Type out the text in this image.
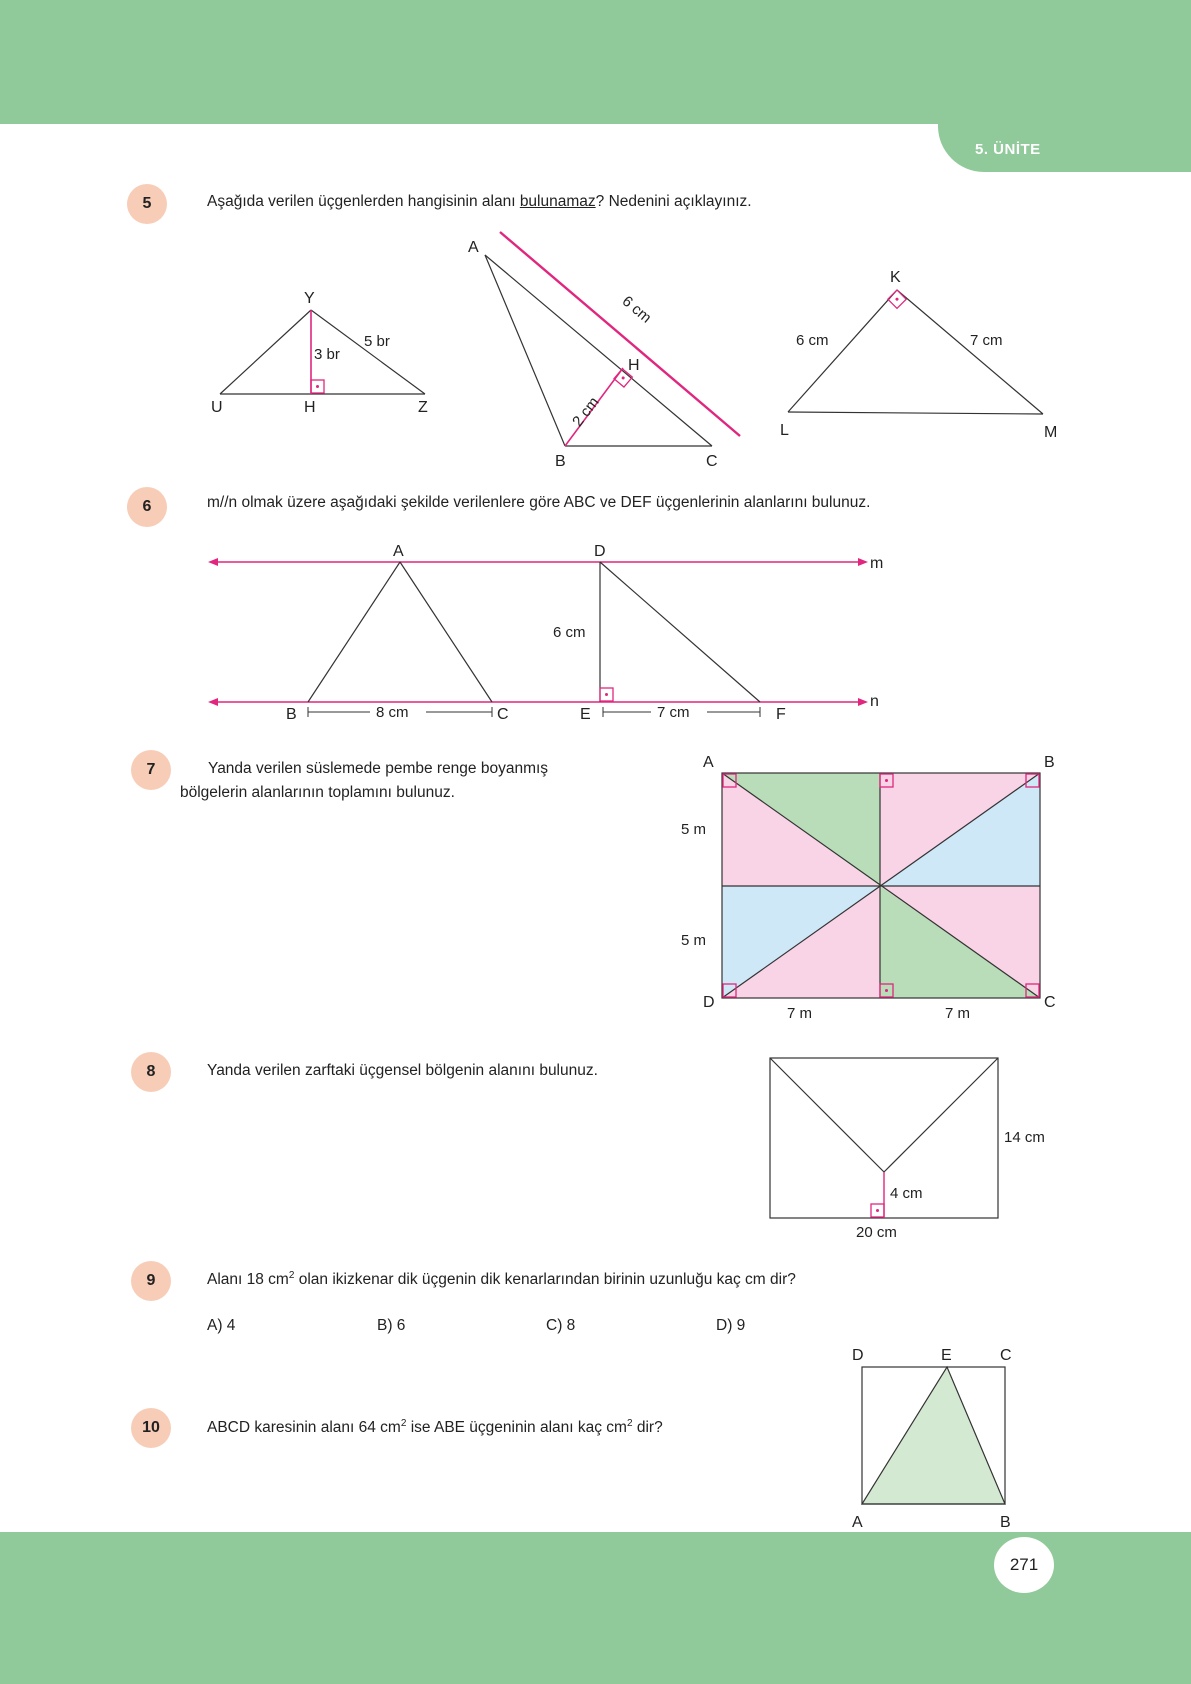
5. ÜNİTE
5	Aşağıda verilen üçgenlerden hangisinin alanı bulunamaz? Nedenini açıklayınız.
Y
U	H	Z
5 br
3 br
A
B	C
H
6 cm
2 cm
K
L	M
6 cm	7 cm
A	D
m
n
B	C	E	F
6 cm
8 cm	7 cm
A	B
C
D
5 m
5 m
7 m	7 m
14 cm
4 cm
20 cm
D	E	C
A	B
6	m//n olmak üzere aşağıdaki şekilde verilenlere göre ABC ve DEF üçgenlerinin alanlarını bulunuz.
7	Yanda verilen süslemede pembe renge boyanmış
bölgelerin alanlarının toplamını bulunuz.
8	Yanda verilen zarftaki üçgensel bölgenin alanını bulunuz.
9	Alanı 18 $cm^2$ olan ikizkenar dik üçgenin dik kenarlarından birinin uzunluğu kaç cm dir?
A) 4	B) 6	C) 8	D) 9
10	ABCD karesinin alanı 64 $cm^2$ ise ABE üçgeninin alanı kaç $cm^2$ dir?
271
